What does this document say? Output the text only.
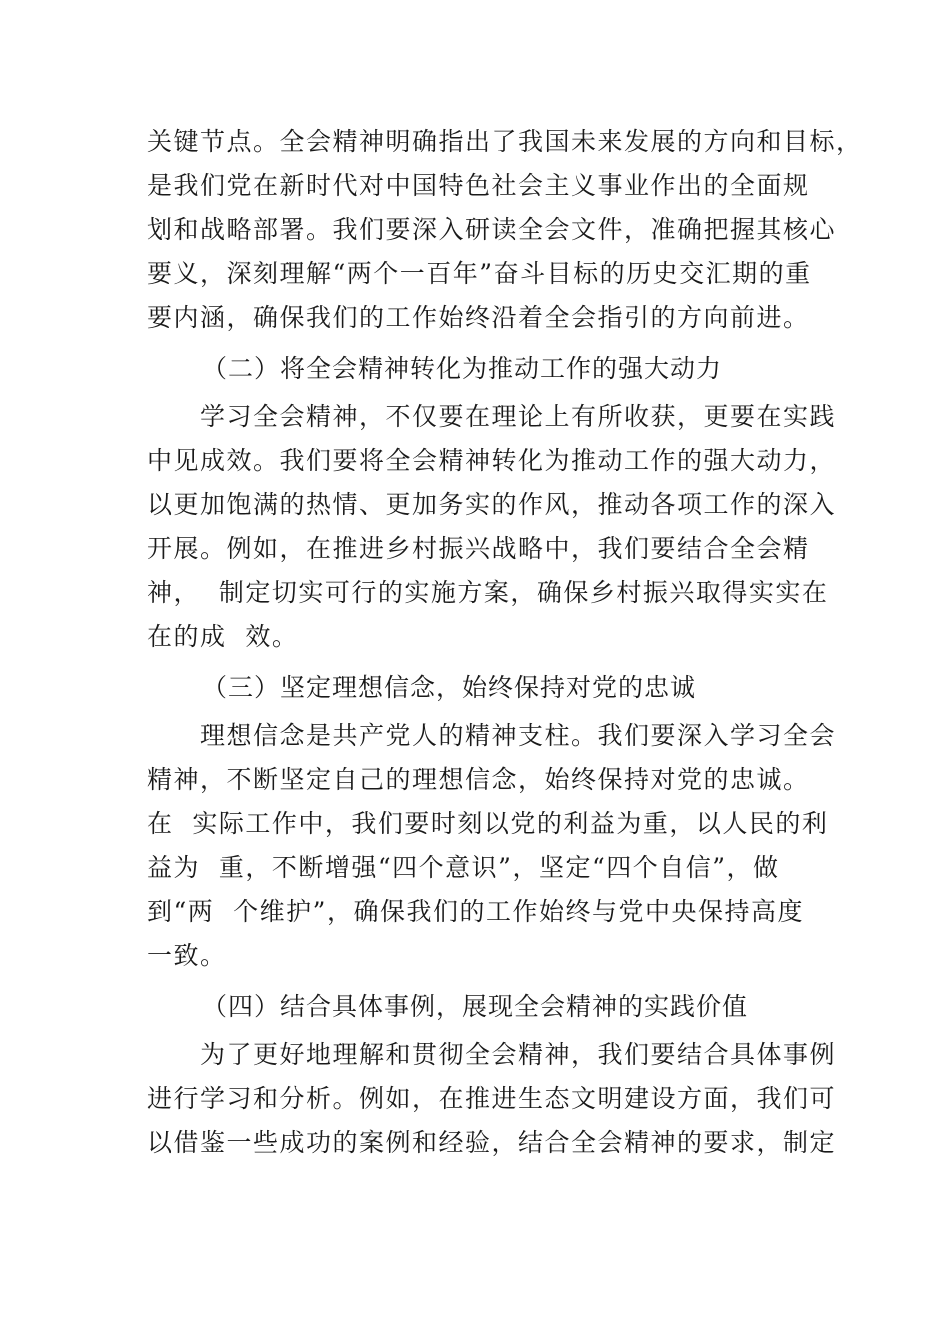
关键节点。全会精神明确指出了我国未来发展的方向和目标，
是我们党在新时代对中国特色社会主义事业作出的全面规
划和战略部署。我们要深入研读全会文件，准确把握其核心
要义，深刻理解“两个一百年”奋斗目标的历史交汇期的重
要内涵，确保我们的工作始终沿着全会指引的方向前进。
（二）将全会精神转化为推动工作的强大动力
学习全会精神，不仅要在理论上有所收获，更要在实践
中见成效。我们要将全会精神转化为推动工作的强大动力，
以更加饱满的热情、更加务实的作风，推动各项工作的深入
开展。例如，在推进乡村振兴战略中，我们要结合全会精
神，  制定切实可行的实施方案，确保乡村振兴取得实实在
在的成  效。
（三）坚定理想信念，始终保持对党的忠诚
理想信念是共产党人的精神支柱。我们要深入学习全会
精神，不断坚定自己的理想信念，始终保持对党的忠诚。
在  实际工作中，我们要时刻以党的利益为重，以人民的利
益为  重，不断增强“四个意识”，坚定“四个自信”，做
到“两  个维护”，确保我们的工作始终与党中央保持高度
一致。
（四）结合具体事例，展现全会精神的实践价值
为了更好地理解和贯彻全会精神，我们要结合具体事例
进行学习和分析。例如，在推进生态文明建设方面，我们可
以借鉴一些成功的案例和经验，结合全会精神的要求，制定
